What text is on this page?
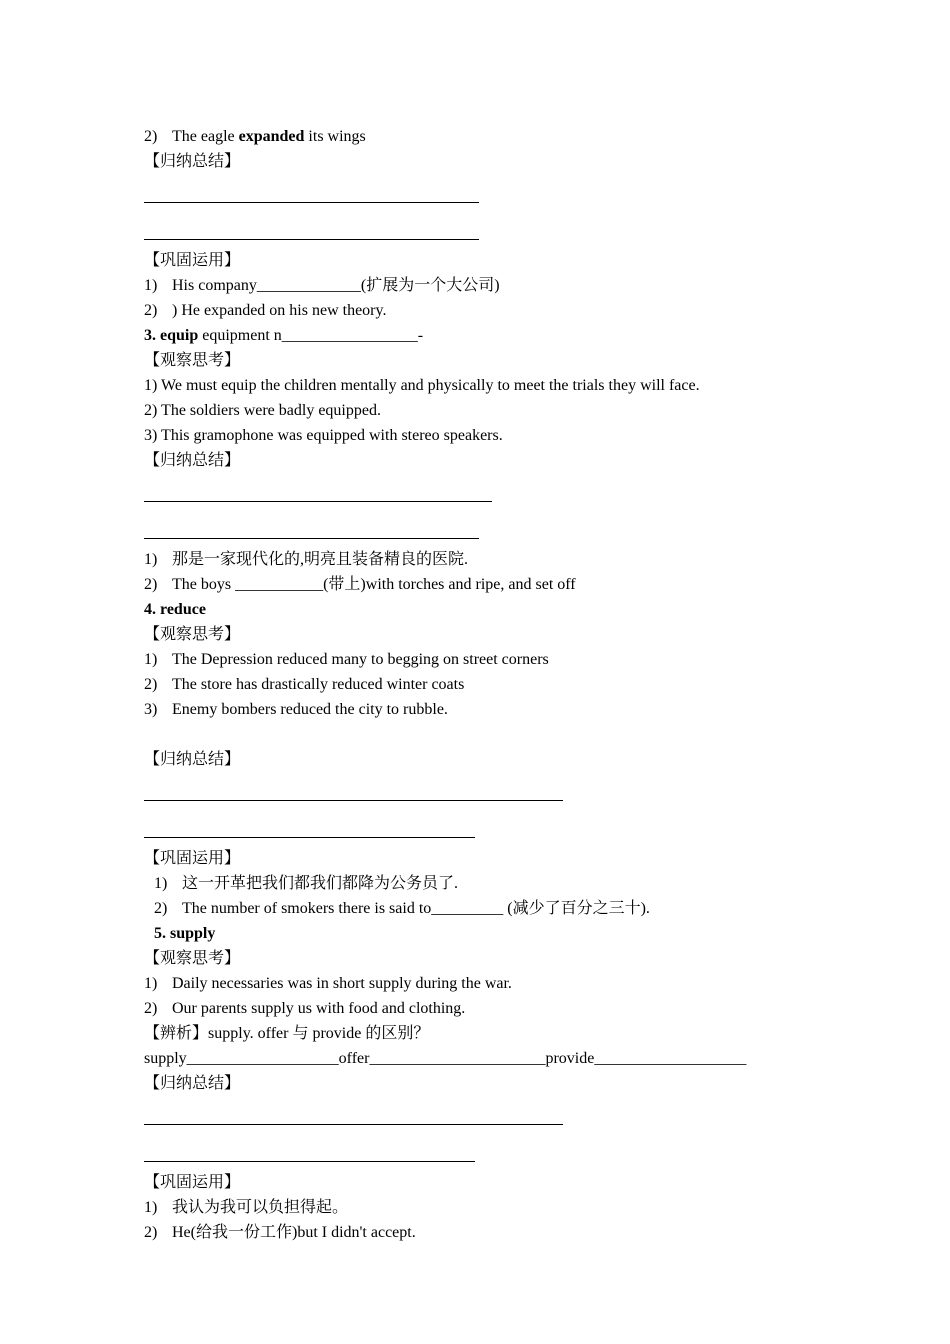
2) The eagle expanded its wings
【归纳总结】
【巩固运用】
1) His company_____________(扩展为一个大公司)
2) ) He expanded on his new theory.
3. equip equipment n_________________-
【观察思考】
1) We must equip the children mentally and physically to meet the trials they will face.
2) The soldiers were badly equipped.
3) This gramophone was equipped with stereo speakers.
【归纳总结】
1) 那是一家现代化的,明亮且装备精良的医院.
2) The boys ___________(带上)with torches and ripe, and set off
4. reduce
【观察思考】
1) The Depression reduced many to begging on street corners
2) The store has drastically reduced winter coats
3) Enemy bombers reduced the city to rubble.
【归纳总结】
【巩固运用】
1) 这一开革把我们都我们都降为公务员了.
2) The number of smokers there is said to_________ (减少了百分之三十).
5. supply
【观察思考】
1) Daily necessaries was in short supply during the war.
2) Our parents supply us with food and clothing.
【辨析】supply. offer 与 provide 的区别？
supply___________________offer______________________provide___________________
【归纳总结】
【巩固运用】
1) 我认为我可以负担得起。
2) He(给我一份工作)but I didn't accept.
